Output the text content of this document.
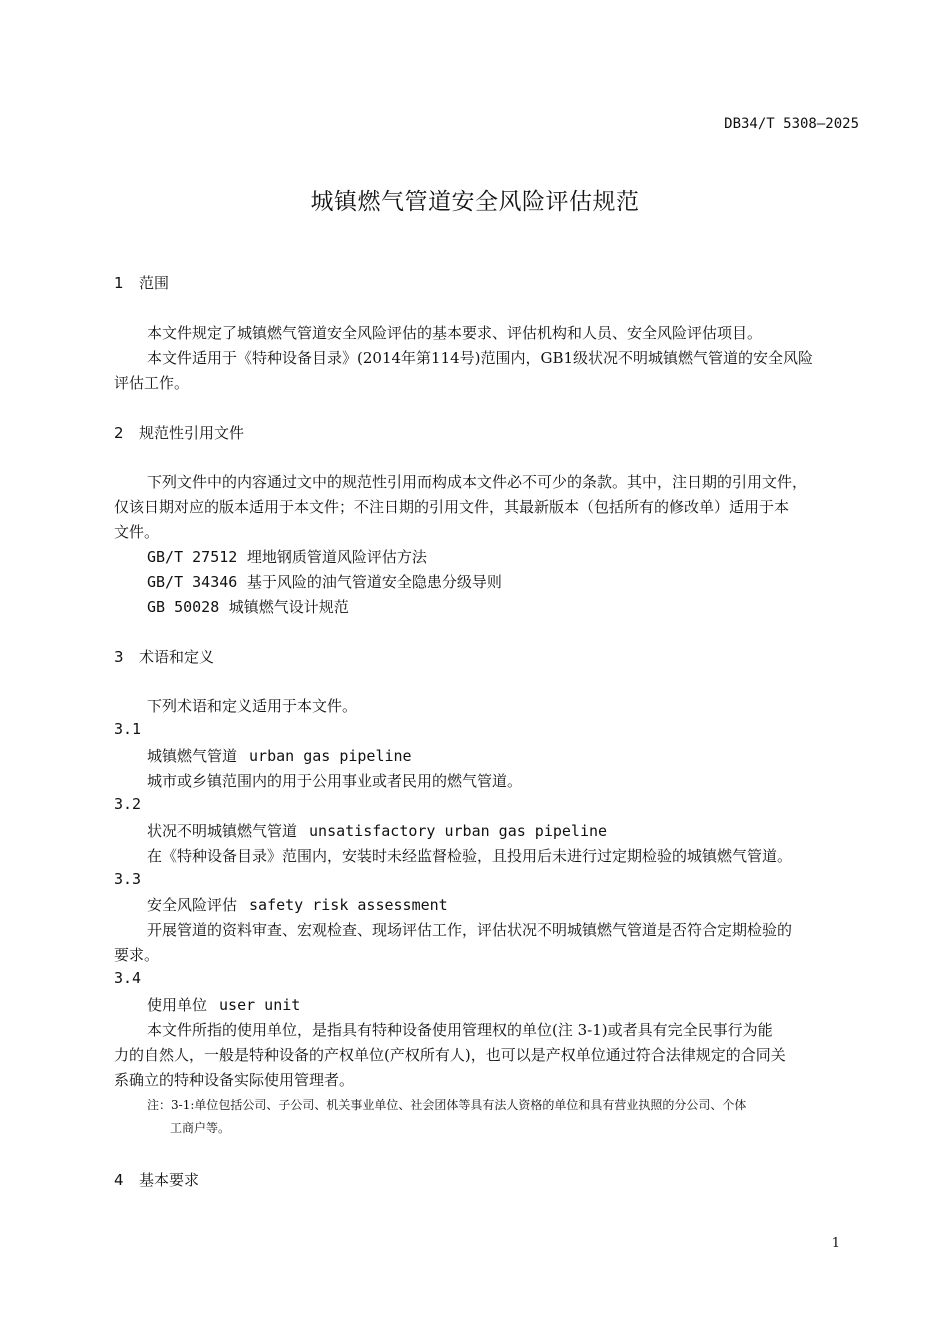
DB34/T 5308—2025
城镇燃气管道安全风险评估规范
1 范围
本文件规定了城镇燃气管道安全风险评估的基本要求、评估机构和人员、安全风险评估项目。
本文件适用于《特种设备目录》(2014年第114号)范围内，GB1级状况不明城镇燃气管道的安全风险
评估工作。
2 规范性引用文件
下列文件中的内容通过文中的规范性引用而构成本文件必不可少的条款。其中，注日期的引用文件，
仅该日期对应的版本适用于本文件；不注日期的引用文件，其最新版本（包括所有的修改单）适用于本
文件。
GB/T 27512 埋地钢质管道风险评估方法
GB/T 34346 基于风险的油气管道安全隐患分级导则
GB 50028 城镇燃气设计规范
3 术语和定义
下列术语和定义适用于本文件。
3.1
城镇燃气管道 urban gas pipeline
城市或乡镇范围内的用于公用事业或者民用的燃气管道。
3.2
状况不明城镇燃气管道 unsatisfactory urban gas pipeline
在《特种设备目录》范围内，安装时未经监督检验，且投用后未进行过定期检验的城镇燃气管道。
3.3
安全风险评估 safety risk assessment
开展管道的资料审查、宏观检查、现场评估工作，评估状况不明城镇燃气管道是否符合定期检验的
要求。
3.4
使用单位 user unit
本文件所指的使用单位，是指具有特种设备使用管理权的单位(注 3-1)或者具有完全民事行为能
力的自然人，一般是特种设备的产权单位(产权所有人)，也可以是产权单位通过符合法律规定的合同关
系确立的特种设备实际使用管理者。
注：3-1:单位包括公司、子公司、机关事业单位、社会团体等具有法人资格的单位和具有营业执照的分公司、个体
工商户等。
4 基本要求
1
